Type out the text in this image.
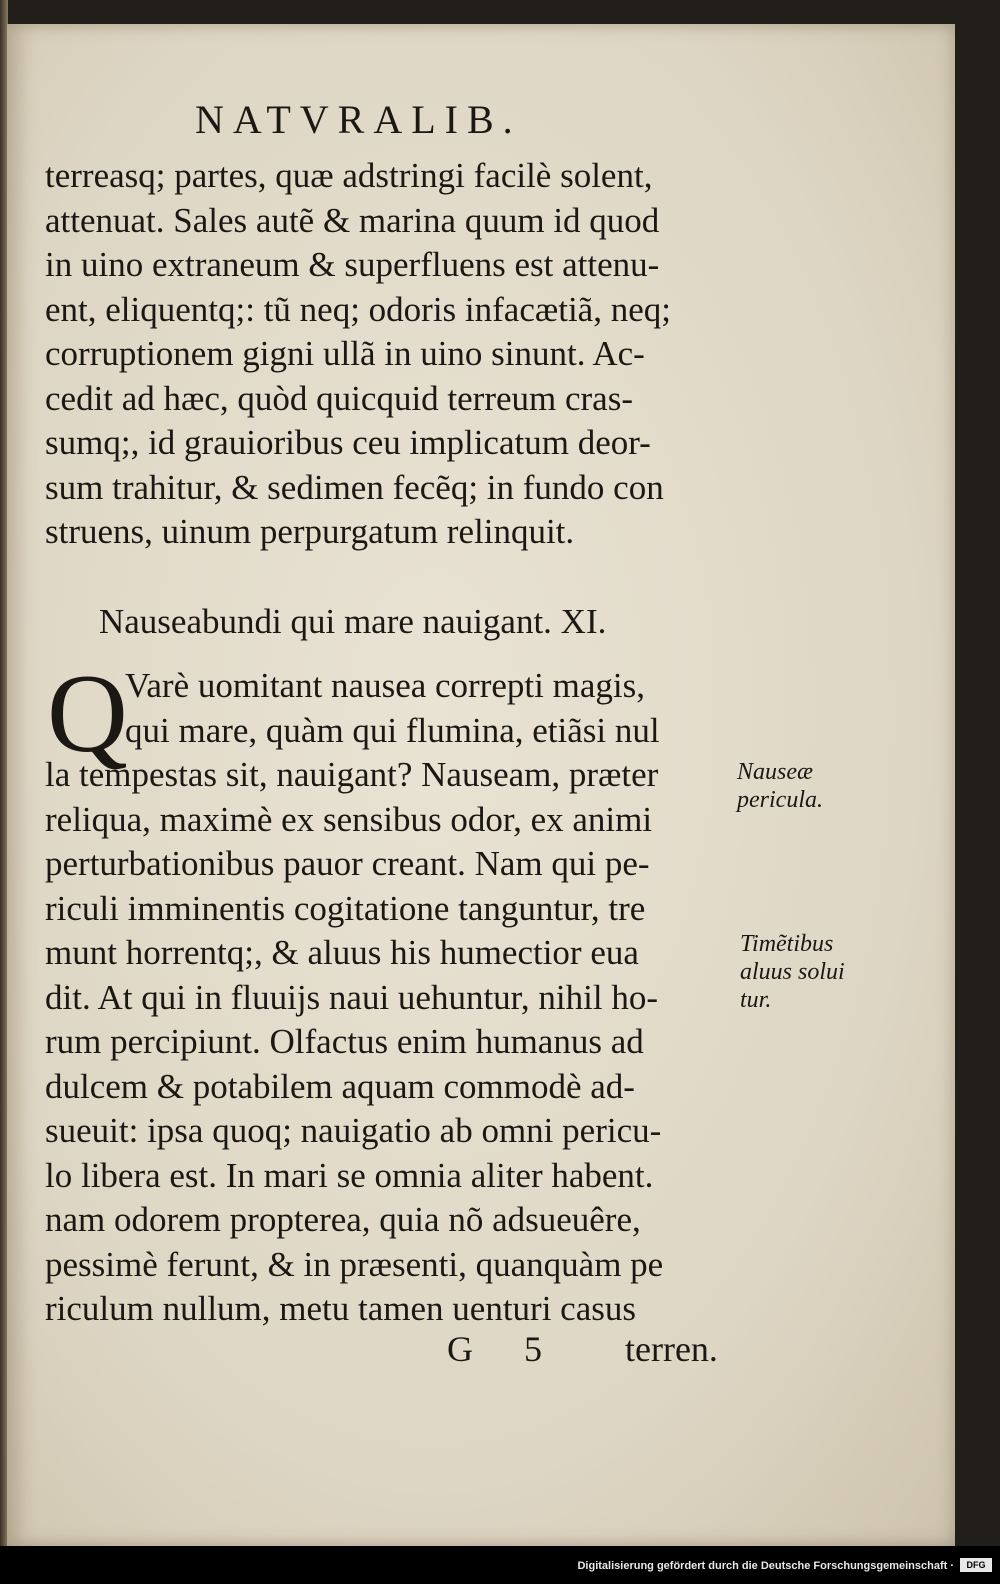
NATVRALIB.
terreasq; partes, quæ adstringi facilè solent,
attenuat. Sales autẽ & marina quum id quod
in uino extraneum & superfluens est attenu-
ent, eliquentq;: tũ neq; odoris infacætiã, neq;
corruptionem gigni ullã in uino sinunt. Ac-
cedit ad hæc, quòd quicquid terreum cras-
sumq;, id grauioribus ceu implicatum deor-
sum trahitur, & sedimen fecẽq; in fundo con
struens, uinum perpurgatum relinquit.
Nauseabundi qui mare nauigant. XI.
Q
Varè uomitant nausea correpti magis,
qui mare, quàm qui flumina, etiãsi nul
la tempestas sit, nauigant? Nauseam, præter
reliqua, maximè ex sensibus odor, ex animi
perturbationibus pauor creant. Nam qui pe-
riculi imminentis cogitatione tanguntur, tre
munt horrentq;, & aluus his humectior eua
dit. At qui in fluuijs naui uehuntur, nihil ho-
rum percipiunt. Olfactus enim humanus ad
dulcem & potabilem aquam commodè ad-
sueuit: ipsa quoq; nauigatio ab omni pericu-
lo libera est. In mari se omnia aliter habent.
nam odorem propterea, quia nõ adsueuêre,
pessimè ferunt, & in præsenti, quanquàm pe
riculum nullum, metu tamen uenturi casus
Nauseæ
pericula.
Timẽtibus
aluus solui
tur.
G 5 terren.
Digitalisierung gefördert durch die Deutsche Forschungsgemeinschaft ·	DFG
